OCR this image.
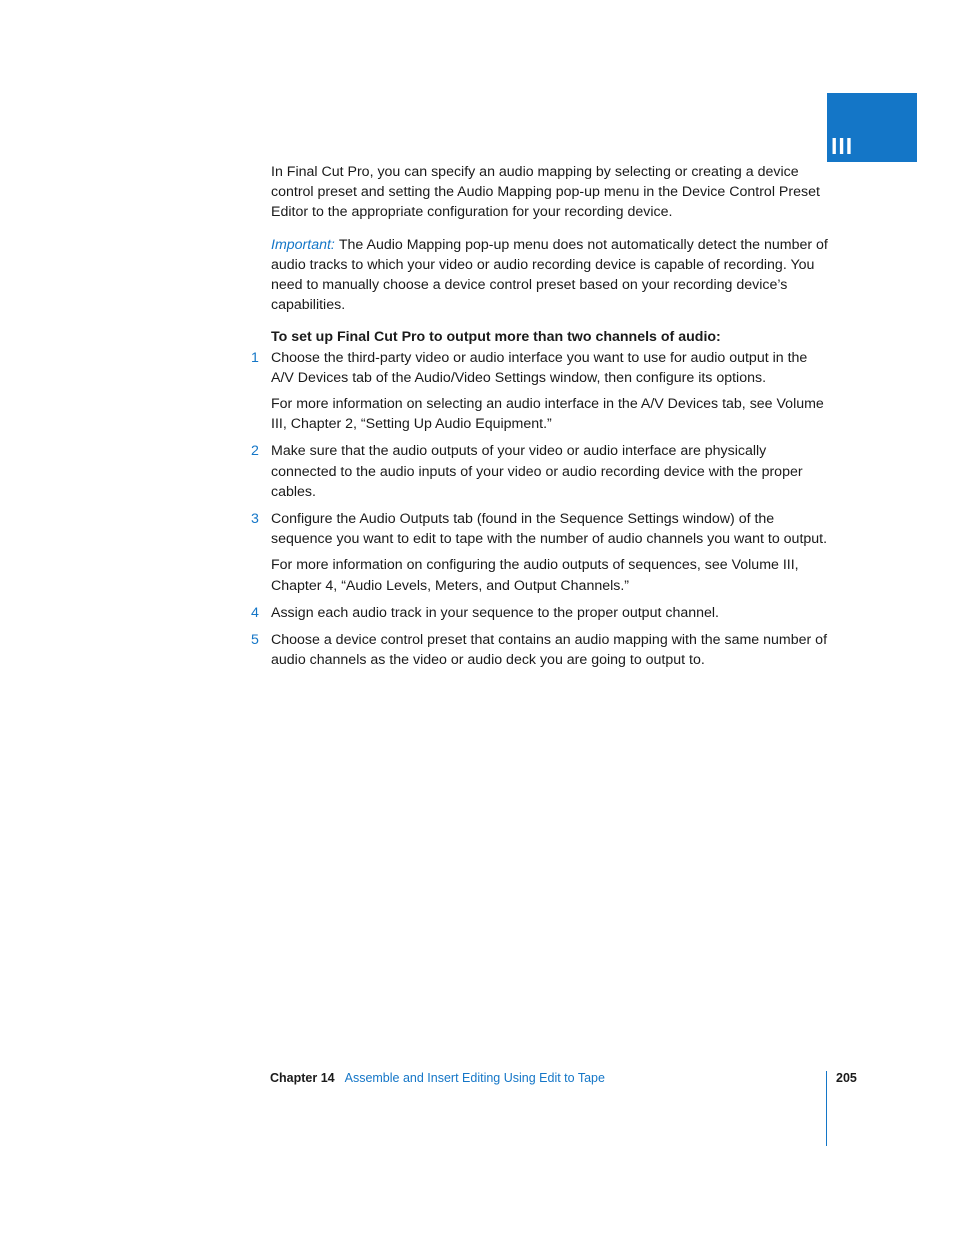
III

In Final Cut Pro, you can specify an audio mapping by selecting or creating a device control preset and setting the Audio Mapping pop-up menu in the Device Control Preset Editor to the appropriate configuration for your recording device.

Important: The Audio Mapping pop-up menu does not automatically detect the number of audio tracks to which your video or audio recording device is capable of recording. You need to manually choose a device control preset based on your recording device’s capabilities.

To set up Final Cut Pro to output more than two channels of audio:

1 Choose the third-party video or audio interface you want to use for audio output in the A/V Devices tab of the Audio/Video Settings window, then configure its options.

For more information on selecting an audio interface in the A/V Devices tab, see Volume III, Chapter 2, “Setting Up Audio Equipment.”

2 Make sure that the audio outputs of your video or audio interface are physically connected to the audio inputs of your video or audio recording device with the proper cables.

3 Configure the Audio Outputs tab (found in the Sequence Settings window) of the sequence you want to edit to tape with the number of audio channels you want to output.

For more information on configuring the audio outputs of sequences, see Volume III, Chapter 4, “Audio Levels, Meters, and Output Channels.”

4 Assign each audio track in your sequence to the proper output channel.

5 Choose a device control preset that contains an audio mapping with the same number of audio channels as the video or audio deck you are going to output to.

Chapter 14 Assemble and Insert Editing Using Edit to Tape	205
